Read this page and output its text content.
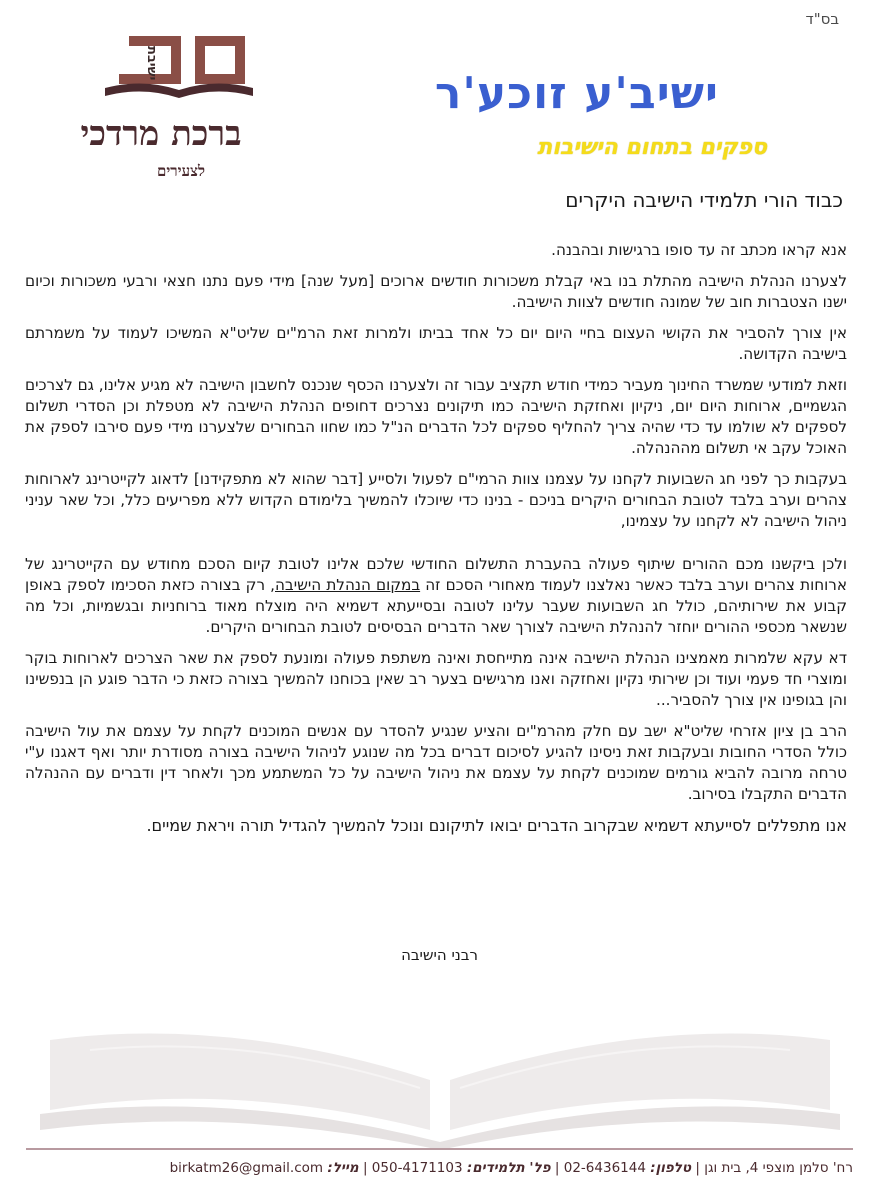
בס"ד
ישיבת
ברכת מרדכי
לצעירים
ישיב'ע זוכע'ר
ספקים בתחום הישיבות
כבוד הורי תלמידי הישיבה היקרים

אנא קראו מכתב זה עד סופו ברגישות ובהבנה.

לצערנו הנהלת הישיבה מהתלת בנו באי קבלת משכורות חודשים ארוכים [מעל שנה] מידי פעם נתנו חצאי ורבעי משכורות וכיום ישנו הצטברות חוב של שמונה חודשים לצוות הישיבה.

אין צורך להסביר את הקושי העצום בחיי היום יום כל אחד בביתו ולמרות זאת הרמ"ים שליט"א המשיכו לעמוד על משמרתם בישיבה הקדושה.

וזאת למודעי שמשרד החינוך מעביר כמידי חודש תקציב עבור זה ולצערנו הכסף שנכנס לחשבון הישיבה לא מגיע אלינו, גם לצרכים הגשמיים, ארוחות היום יום, ניקיון ואחזקת הישיבה כמו תיקונים נצרכים דחופים הנהלת הישיבה לא מטפלת וכן הסדרי תשלום לספקים לא שולמו עד כדי שהיה צריך להחליף ספקים לכל הדברים הנ"ל כמו שחוו הבחורים שלצערנו מידי פעם סירבו לספק את האוכל עקב אי תשלום מההנהלה.

בעקבות כך לפני חג השבועות לקחנו על עצמנו צוות הרמי"ם לפעול ולסייע [דבר שהוא לא מתפקידנו] לדאוג לקייטרינג לארוחות צהרים וערב בלבד לטובת הבחורים היקרים בניכם - בנינו כדי שיוכלו להמשיך בלימודם הקדוש ללא מפריעים כלל, וכל שאר עניני ניהול הישיבה לא לקחנו על עצמינו,

ולכן ביקשנו מכם ההורים שיתוף פעולה בהעברת התשלום החודשי שלכם אלינו לטובת קיום הסכם מחודש עם הקייטרינג של ארוחות צהרים וערב בלבד כאשר נאלצנו לעמוד מאחורי הסכם זה במקום הנהלת הישיבה, רק בצורה כזאת הסכימו לספק באופן קבוע את שירותיהם, כולל חג השבועות שעבר עלינו לטובה ובסייעתא דשמיא היה מוצלח מאוד ברוחניות ובגשמיות, וכל מה שנשאר מכספי ההורים יוחזר להנהלת הישיבה לצורך שאר הדברים הבסיסים לטובת הבחורים היקרים.

דא עקא שלמרות מאמצינו הנהלת הישיבה אינה מתייחסת ואינה משתפת פעולה ומונעת לספק את שאר הצרכים לארוחות בוקר ומוצרי חד פעמי ועוד וכן שירותי נקיון ואחזקה ואנו מרגישים בצער רב שאין בכוחנו להמשיך בצורה כזאת כי הדבר פוגע הן בנפשינו והן בגופינו אין צורך להסביר...

הרב בן ציון אזרחי שליט"א ישב עם חלק מהרמ"ים והציע שנגיע להסדר עם אנשים המוכנים לקחת על עצמם את עול הישיבה כולל הסדרי החובות ובעקבות זאת ניסינו להגיע לסיכום דברים בכל מה שנוגע לניהול הישיבה בצורה מסודרת יותר ואף דאגנו ע"י טרחה מרובה להביא גורמים שמוכנים לקחת על עצמם את ניהול הישיבה על כל המשתמע מכך ולאחר דין ודברים עם ההנהלה הדברים התקבלו בסירוב.

אנו מתפללים לסייעתא דשמיא שבקרוב הדברים יבואו לתיקונם ונוכל להמשיך להגדיל תורה ויראת שמיים.

רבני הישיבה
רח' סלמן מוצפי 4, בית וגן | טלפון: 02-6436144 | פל' תלמידים: 050-4171103 | מייל: birkatm26@gmail.com
